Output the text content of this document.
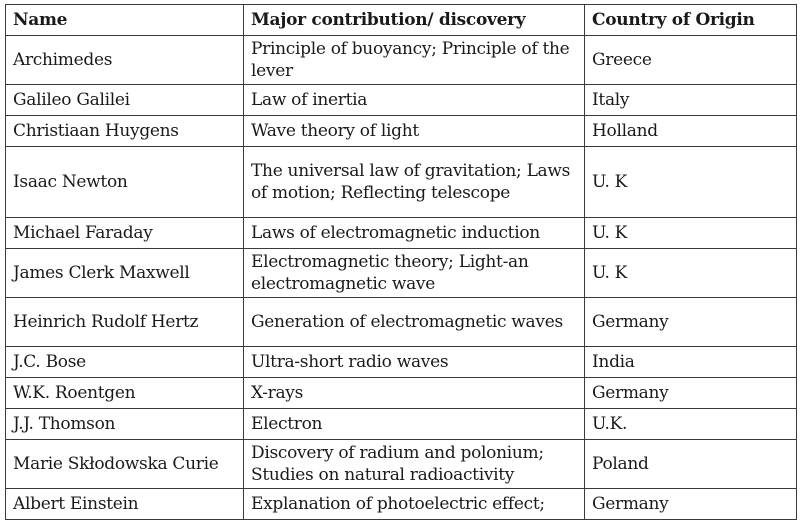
Name	Major contribution/ discovery	Country of Origin
Archimedes	Principle of buoyancy; Principle of the lever	Greece
Galileo Galilei	Law of inertia	Italy
Christiaan Huygens	Wave theory of light	Holland
Isaac Newton	The universal law of gravitation; Laws of motion; Reflecting telescope	U. K
Michael Faraday	Laws of electromagnetic induction	U. K
James Clerk Maxwell	Electromagnetic theory; Light-an electromagnetic wave	U. K
Heinrich Rudolf Hertz	Generation of electromagnetic waves	Germany
J.C. Bose	Ultra-short radio waves	India
W.K. Roentgen	X-rays	Germany
J.J. Thomson	Electron	U.K.
Marie Skłodowska Curie	Discovery of radium and polonium; Studies on natural radioactivity	Poland
Albert Einstein	Explanation of photoelectric effect;	Germany
